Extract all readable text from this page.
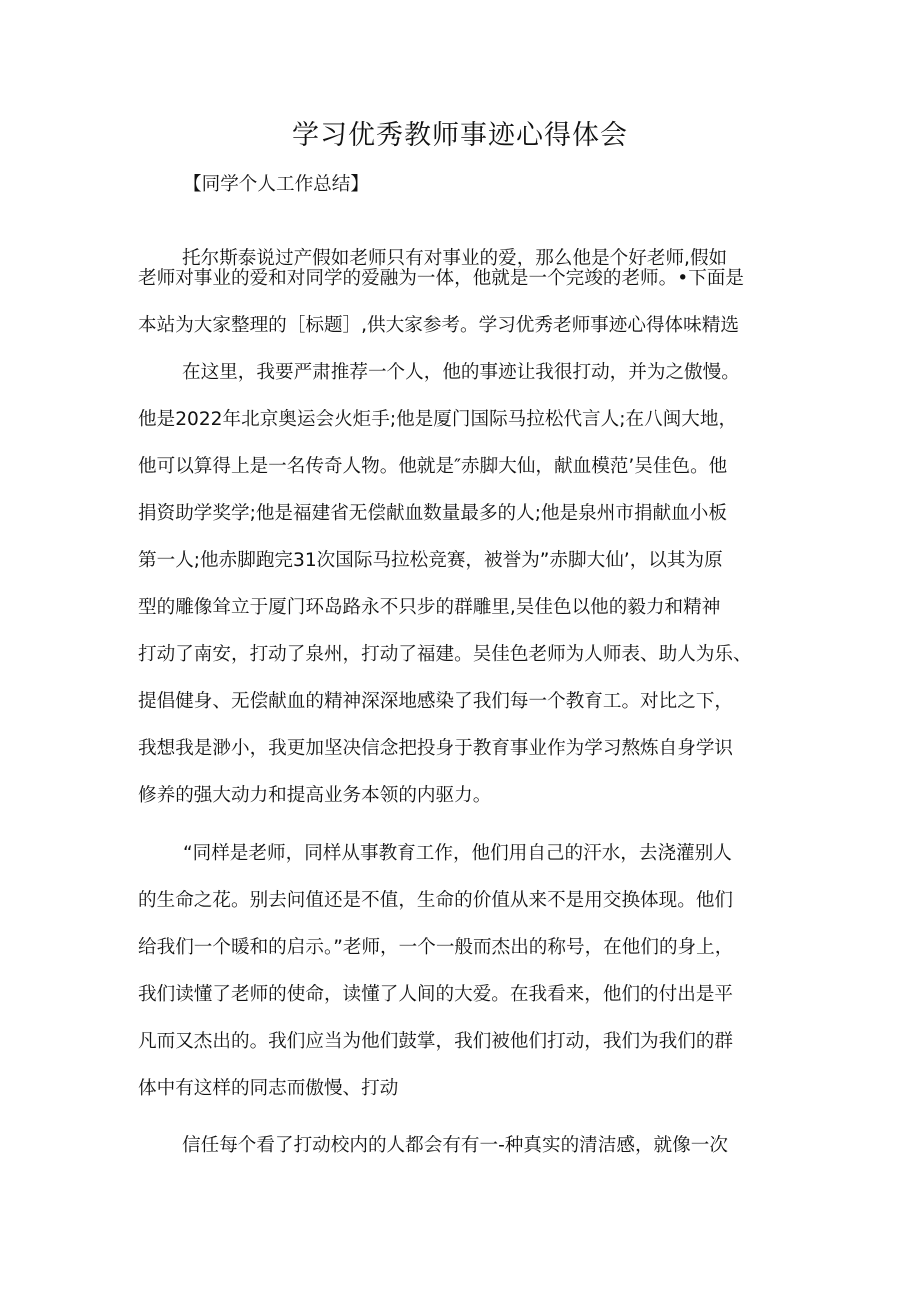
学习优秀教师事迹心得体会
【同学个人工作总结】
托尔斯泰说过产假如老师只有对事业的爱，那么他是个好老师,假如
老师对事业的爱和对同学的爱融为一体，他就是一个完竣的老师。•下面是
本站为大家整理的［标题］,供大家参考。学习优秀老师事迹心得体味精选
在这里，我要严肃推荐一个人，他的事迹让我很打动，并为之傲慢。
他是2022年北京奥运会火炬手;他是厦门国际马拉松代言人;在八闽大地，
他可以算得上是一名传奇人物。他就是″赤脚大仙，献血模范’吴佳色。他
捐资助学奖学;他是福建省无偿献血数量最多的人;他是泉州市捐献血小板
第一人;他赤脚跑完31次国际马拉松竞赛，被誉为”赤脚大仙’，以其为原
型的雕像耸立于厦门环岛路永不只步的群雕里,吴佳色以他的毅力和精神
打动了南安，打动了泉州，打动了福建。吴佳色老师为人师表、助人为乐、
提倡健身、无偿献血的精神深深地感染了我们每一个教育工。对比之下，
我想我是渺小，我更加坚决信念把投身于教育事业作为学习熬炼自身学识
修养的强大动力和提高业务本领的内驱力。
“同样是老师，同样从事教育工作，他们用自己的汗水，去浇灌别人
的生命之花。别去问值还是不值，生命的价值从来不是用交换体现。他们
给我们一个暖和的启示。”老师，一个一般而杰出的称号，在他们的身上，
我们读懂了老师的使命，读懂了人间的大爱。在我看来，他们的付出是平
凡而又杰出的。我们应当为他们鼓掌，我们被他们打动，我们为我们的群
体中有这样的同志而傲慢、打动
信任每个看了打动校内的人都会有有一-种真实的清洁感，就像一次
